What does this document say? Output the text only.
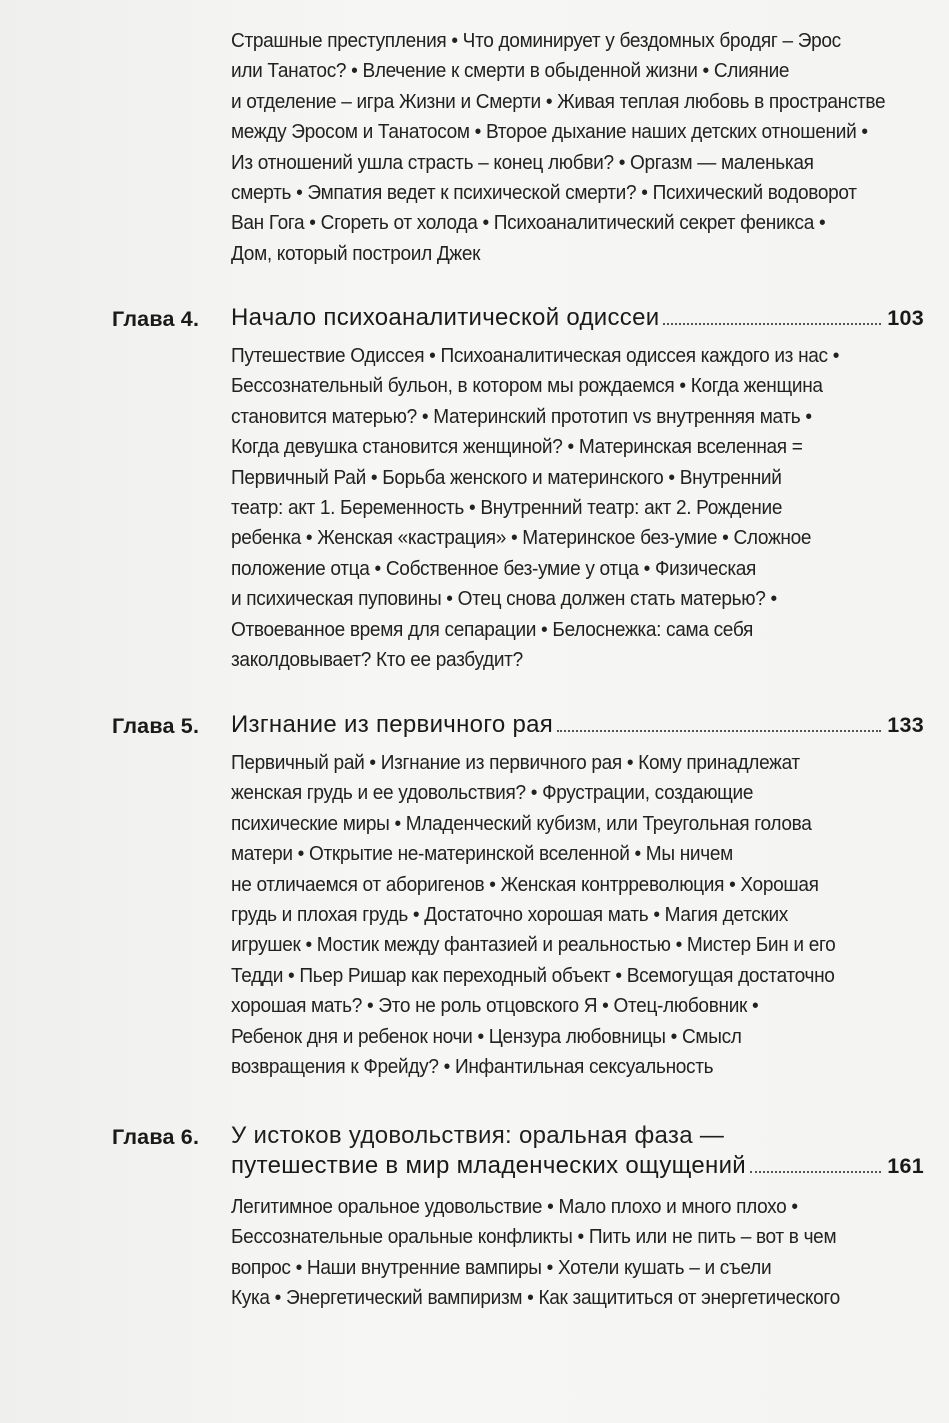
Страшные преступления • Что доминирует у бездомных бродяг – Эрос
или Танатос? • Влечение к смерти в обыденной жизни • Слияние
и отделение – игра Жизни и Смерти • Живая теплая любовь в пространстве
между Эросом и Танатосом • Второе дыхание наших детских отношений •
Из отношений ушла страсть – конец любви? • Оргазм — маленькая
смерть • Эмпатия ведет к психической смерти? • Психический водоворот
Ван Гога • Сгореть от холода • Психоаналитический секрет феникса •
Дом, который построил Джек
Глава 4. Начало психоаналитической одиссеи	103
Путешествие Одиссея • Психоаналитическая одиссея каждого из нас •
Бессознательный бульон, в котором мы рождаемся • Когда женщина
становится матерью? • Материнский прототип vs внутренняя мать •
Когда девушка становится женщиной? • Материнская вселенная =
Первичный Рай • Борьба женского и материнского • Внутренний
театр: акт 1. Беременность • Внутренний театр: акт 2. Рождение
ребенка • Женская «кастрация» • Материнское без-умие • Сложное
положение отца • Собственное без-умие у отца • Физическая
и психическая пуповины • Отец снова должен стать матерью? •
Отвоеванное время для сепарации • Белоснежка: сама себя
заколдовывает? Кто ее разбудит?
Глава 5. Изгнание из первичного рая	133
Первичный рай • Изгнание из первичного рая • Кому принадлежат
женская грудь и ее удовольствия? • Фрустрации, создающие
психические миры • Младенческий кубизм, или Треугольная голова
матери • Открытие не-материнской вселенной • Мы ничем
не отличаемся от аборигенов • Женская контрреволюция • Хорошая
грудь и плохая грудь • Достаточно хорошая мать • Магия детских
игрушек • Мостик между фантазией и реальностью • Мистер Бин и его
Тедди • Пьер Ришар как переходный объект • Всемогущая достаточно
хорошая мать? • Это не роль отцовского Я • Отец-любовник •
Ребенок дня и ребенок ночи • Цензура любовницы • Смысл
возвращения к Фрейду? • Инфантильная сексуальность
Глава 6. У истоков удовольствия: оральная фаза —
путешествие в мир младенческих ощущений	161
Легитимное оральное удовольствие • Мало плохо и много плохо •
Бессознательные оральные конфликты • Пить или не пить – вот в чем
вопрос • Наши внутренние вампиры • Хотели кушать – и съели
Кука • Энергетический вампиризм • Как защититься от энергетического
